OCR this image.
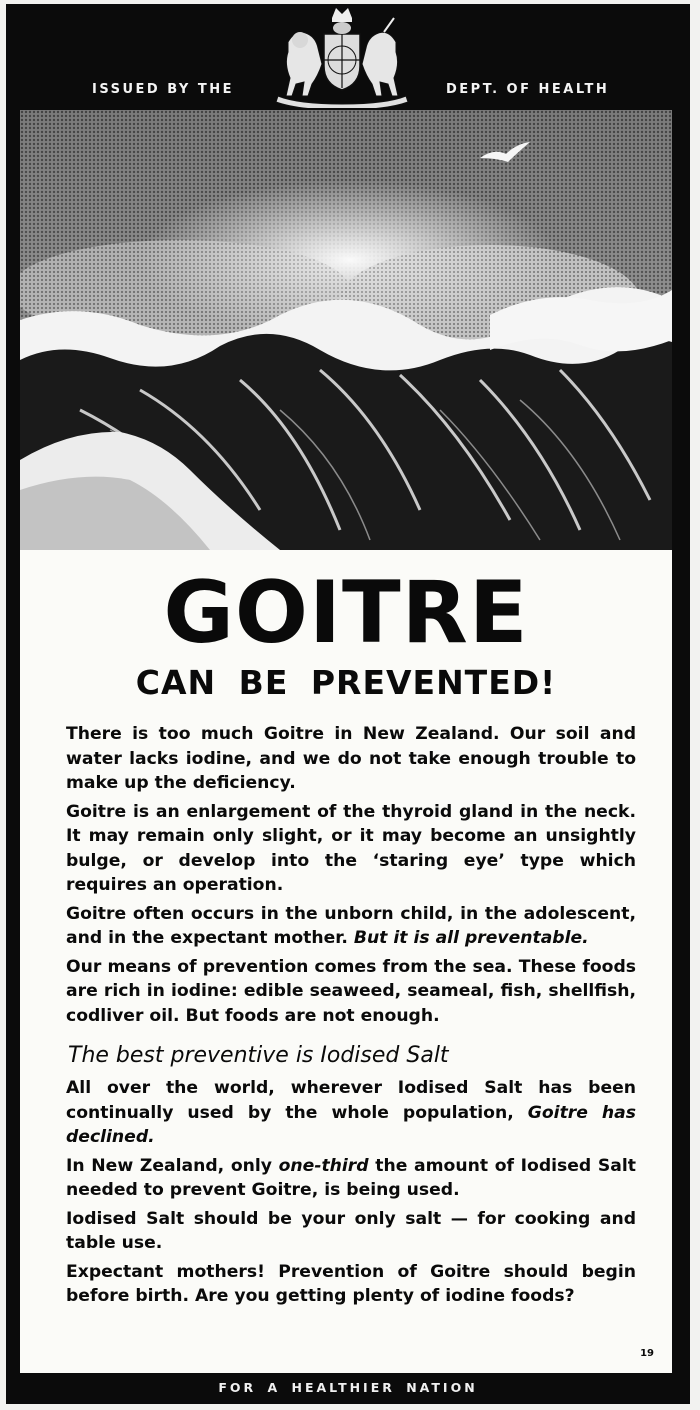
ISSUED BY THE	DEPT. OF HEALTH
GOITRE
CAN BE PREVENTED!

There is too much Goitre in New Zealand. Our soil and water lacks iodine, and we do not take enough trouble to make up the deficiency.

Goitre is an enlargement of the thyroid gland in the neck. It may remain only slight, or it may become an unsightly bulge, or develop into the ‘staring eye’ type which requires an operation.

Goitre often occurs in the unborn child, in the adolescent, and in the expectant mother. But it is all preventable.

Our means of prevention comes from the sea. These foods are rich in iodine: edible seaweed, seameal, fish, shellfish, codliver oil. But foods are not enough.

The best preventive is Iodised Salt

All over the world, wherever Iodised Salt has been continually used by the whole population, Goitre has declined.

In New Zealand, only one-third the amount of Iodised Salt needed to prevent Goitre, is being used.

Iodised Salt should be your only salt — for cooking and table use.

Expectant mothers! Prevention of Goitre should begin before birth. Are you getting plenty of iodine foods?

19
FOR A HEALTHIER NATION
